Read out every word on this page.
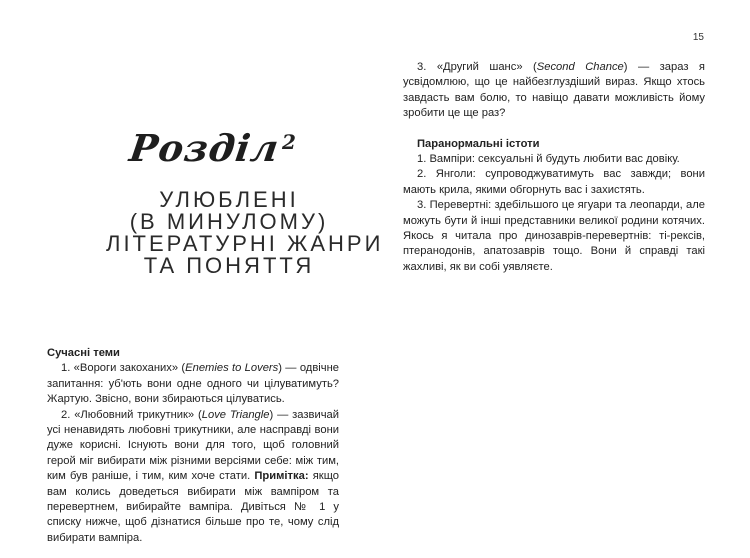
Розділ2
УЛЮБЛЕНІ
(В МИНУЛОМУ)
ЛІТЕРАТУРНІ ЖАНРИ
ТА ПОНЯТТЯ
Сучасні теми

1. «Вороги закоханих» (Enemies to Lovers) — одвічне запитання: уб'ють вони одне одного чи цілуватимуть? Жартую. Звісно, вони збираються цілуватись.

2. «Любовний трикутник» (Love Triangle) — зазвичай усі ненавидять любовні трикутники, але насправді вони дуже корисні. Існують вони для того, щоб головний герой міг вибирати між різними версіями себе: між тим, ким був раніше, і тим, ким хоче стати. Примітка: якщо вам колись доведеться вибирати між вампіром та перевертнем, вибирайте вампіра. Дивіться № 1 у списку нижче, щоб дізнатися більше про те, чому слід вибирати вампіра.

15

3. «Другий шанс» (Second Chance) — зараз я усвідомлюю, що це найбезглуздіший вираз. Якщо хтось завдасть вам болю, то навіщо давати можливість йому зробити це ще раз?

Паранормальні істоти

1. Вампіри: сексуальні й будуть любити вас довіку.

2. Янголи: супроводжуватимуть вас завжди; вони мають крила, якими обгорнуть вас і захистять.

3. Перевертні: здебільшого це ягуари та леопарди, але можуть бути й інші представники великої родини котячих. Якось я читала про динозаврів-перевертнів: ті-рексів, птеранодонів, апатозаврів тощо. Вони й справді такі жахливі, як ви собі уявляєте.
